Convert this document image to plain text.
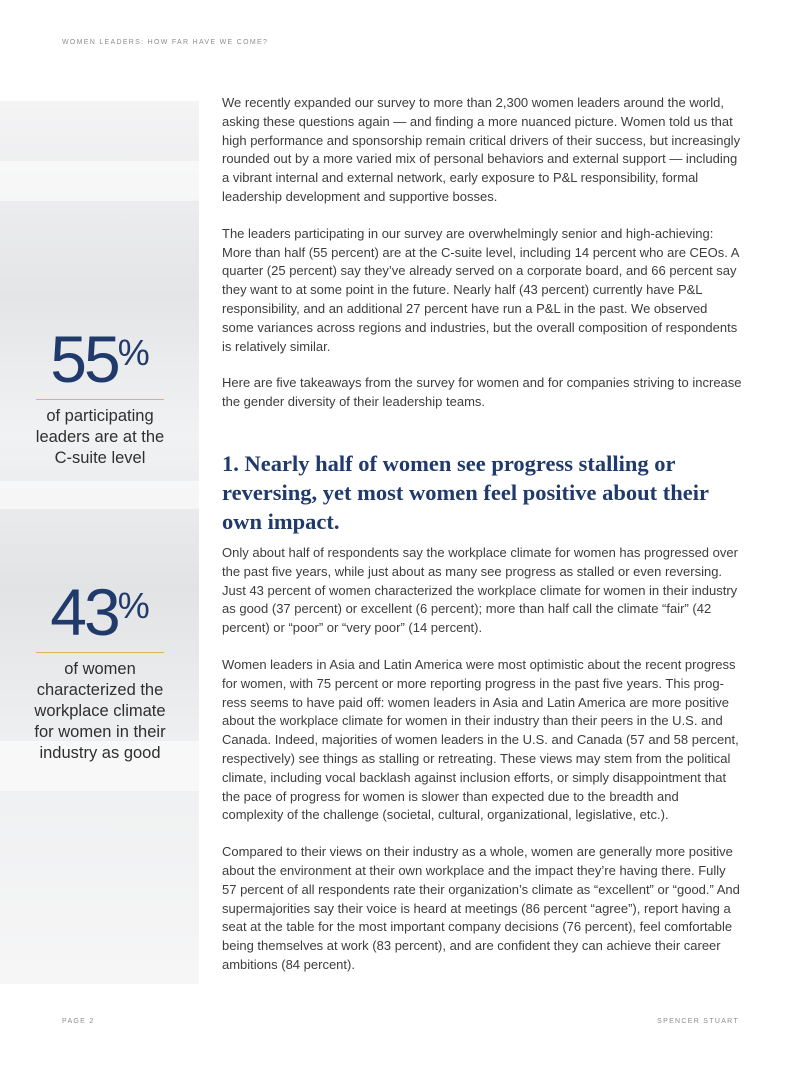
WOMEN LEADERS: HOW FAR HAVE WE COME?
55%
of participating leaders are at the C-suite level
43%
of women characterized the workplace climate for women in their industry as good

We recently expanded our survey to more than 2,300 women leaders around the world, asking these questions again — and finding a more nuanced picture. Women told us that high performance and sponsorship remain critical drivers of their success, but increasingly rounded out by a more varied mix of personal behaviors and external support — including a vibrant internal and external network, early exposure to P&L responsibility, formal leadership development and supportive bosses.

The leaders participating in our survey are overwhelmingly senior and high-achieving: More than half (55 percent) are at the C-suite level, including 14 percent who are CEOs. A quarter (25 percent) say they’ve already served on a corporate board, and 66 percent say they want to at some point in the future. Nearly half (43 percent) currently have P&L responsibility, and an additional 27 percent have run a P&L in the past. We observed some variances across regions and industries, but the overall composition of respondents is relatively similar.

Here are five takeaways from the survey for women and for companies striving to increase the gender diversity of their leadership teams.

1. Nearly half of women see progress stalling or reversing, yet most women feel positive about their own impact.

Only about half of respondents say the workplace climate for women has progressed over the past five years, while just about as many see progress as stalled or even reversing. Just 43 percent of women characterized the workplace climate for women in their industry as good (37 percent) or excellent (6 percent); more than half call the climate “fair” (42 percent) or “poor” or “very poor” (14 percent).

Women leaders in Asia and Latin America were most optimistic about the recent progress for women, with 75 percent or more reporting progress in the past five years. This progress seems to have paid off: women leaders in Asia and Latin America are more positive about the workplace climate for women in their industry than their peers in the U.S. and Canada. Indeed, majorities of women leaders in the U.S. and Canada (57 and 58 percent, respectively) see things as stalling or retreating. These views may stem from the political climate, including vocal backlash against inclusion efforts, or simply disappointment that the pace of progress for women is slower than expected due to the breadth and complexity of the challenge (societal, cultural, organizational, legislative, etc.).

Compared to their views on their industry as a whole, women are generally more positive about the environment at their own workplace and the impact they’re having there. Fully 57 percent of all respondents rate their organization’s climate as “excellent” or “good.” And supermajorities say their voice is heard at meetings (86 percent “agree”), report having a seat at the table for the most important company decisions (76 percent), feel comfortable being themselves at work (83 percent), and are confident they can achieve their career ambitions (84 percent).

PAGE 2	SPENCER STUART
